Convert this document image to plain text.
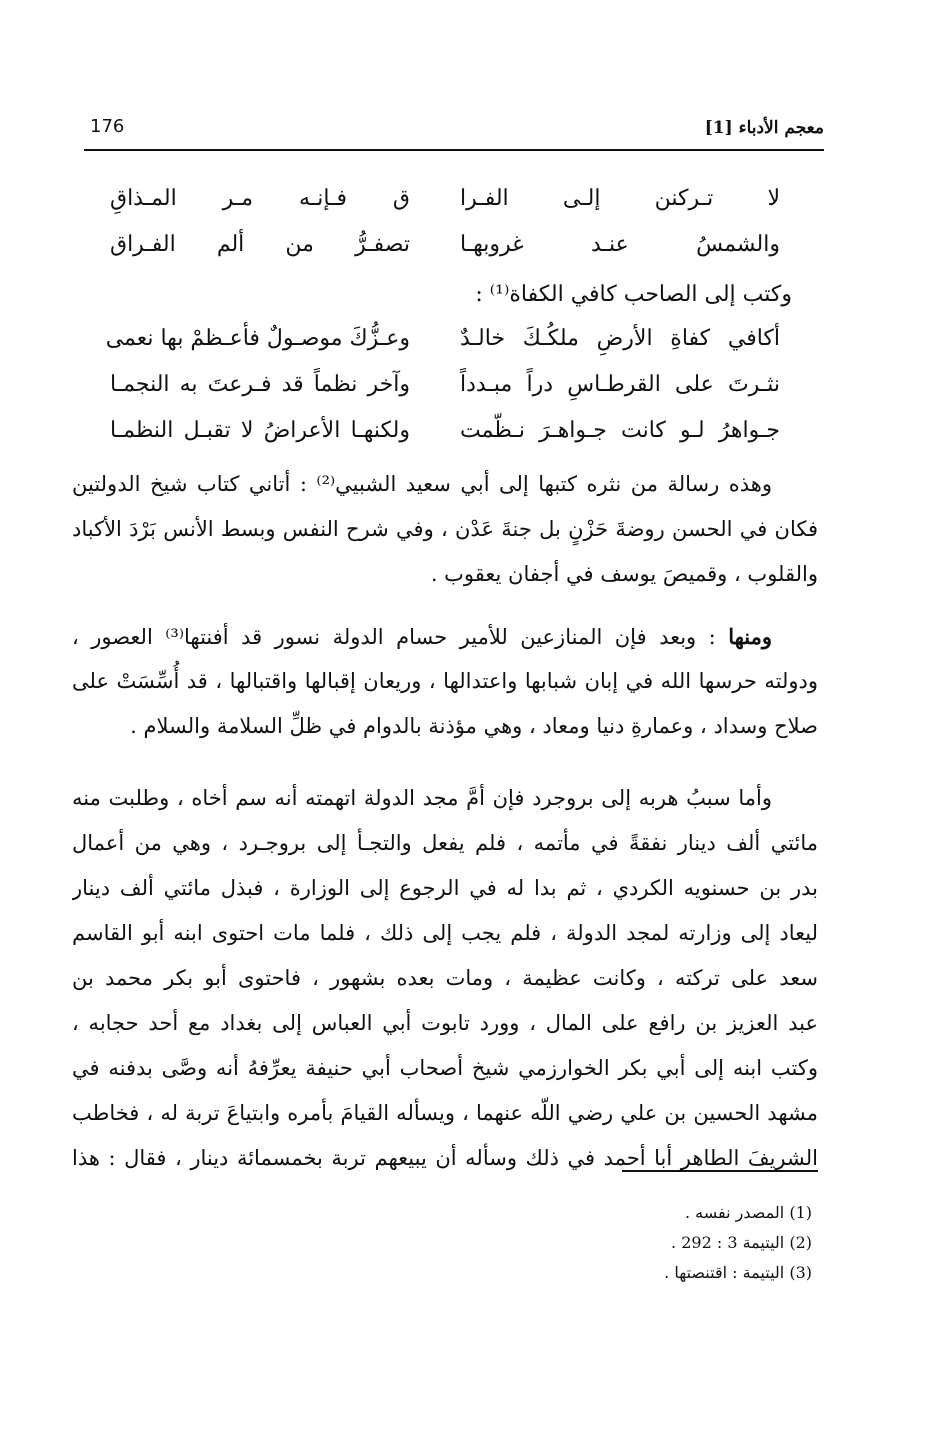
معجم الأدباء [1]
176
لا تـركنن إلـى الفـرا
ق فـإنـه مـر المـذاقِ
والشمسُ عنـد غروبهـا
تصفـرُّ من ألم الفـراق
وكتب إلى الصاحب كافي الكفاة⁽¹⁾ :
أكافي كفاةِ الأرضِ ملكُـكَ خالـدٌ
وعـزُّكَ موصـولٌ فأعـظمْ بها نعمى
نثـرتَ على القرطـاسِ دراً مبـدداً
وآخر نظماً قد فـرعتَ به النجمـا
جـواهرُ لـو كانت جـواهـرَ نـظّمت
ولكنهـا الأعراضُ لا تقبـل النظمـا
وهذه رسالة من نثره كتبها إلى أبي سعيد الشبيي⁽²⁾ : أتاني كتاب شيخ الدولتين
فكان في الحسن روضةَ حَزْنٍ بل جنةَ عَدْن ، وفي شرح النفس وبسط الأنس بَرْدَ الأكباد
والقلوب ، وقميصَ يوسف في أجفان يعقوب .
ومنها : وبعد فإن المنازعين للأمير حسام الدولة نسور قد أفنتها⁽³⁾ العصور ،
ودولته حرسها الله في إبان شبابها واعتدالها ، وريعان إقبالها واقتبالها ، قد أُسِّسَتْ على
صلاح وسداد ، وعمارةِ دنيا ومعاد ، وهي مؤذنة بالدوام في ظلِّ السلامة والسلام .
وأما سببُ هربه إلى بروجرد فإن أمَّ مجد الدولة اتهمته أنه سم أخاه ، وطلبت منه
مائتي ألف دينار نفقةً في مأتمه ، فلم يفعل والتجـأ إلى بروجـرد ، وهي من أعمال
بدر بن حسنويه الكردي ، ثم بدا له في الرجوع إلى الوزارة ، فبذل مائتي ألف دينار
ليعاد إلى وزارته لمجد الدولة ، فلم يجب إلى ذلك ، فلما مات احتوى ابنه أبو القاسم
سعد على تركته ، وكانت عظيمة ، ومات بعده بشهور ، فاحتوى أبو بكر محمد بن
عبد العزيز بن رافع على المال ، وورد تابوت أبي العباس إلى بغداد مع أحد حجابه ،
وكتب ابنه إلى أبي بكر الخوارزمي شيخ أصحاب أبي حنيفة يعرِّفهُ أنه وصَّى بدفنه في
مشهد الحسين بن علي رضي اللّه عنهما ، ويسأله القيامَ بأمره وابتياعَ تربة له ، فخاطب
الشريفَ الطاهر أبا أحمد في ذلك وسأله أن يبيعهم تربة بخمسمائة دينار ، فقال : هذا
(1) المصدر نفسه .
(2) اليتيمة 3 : 292 .
(3) اليتيمة : اقتنصتها .
